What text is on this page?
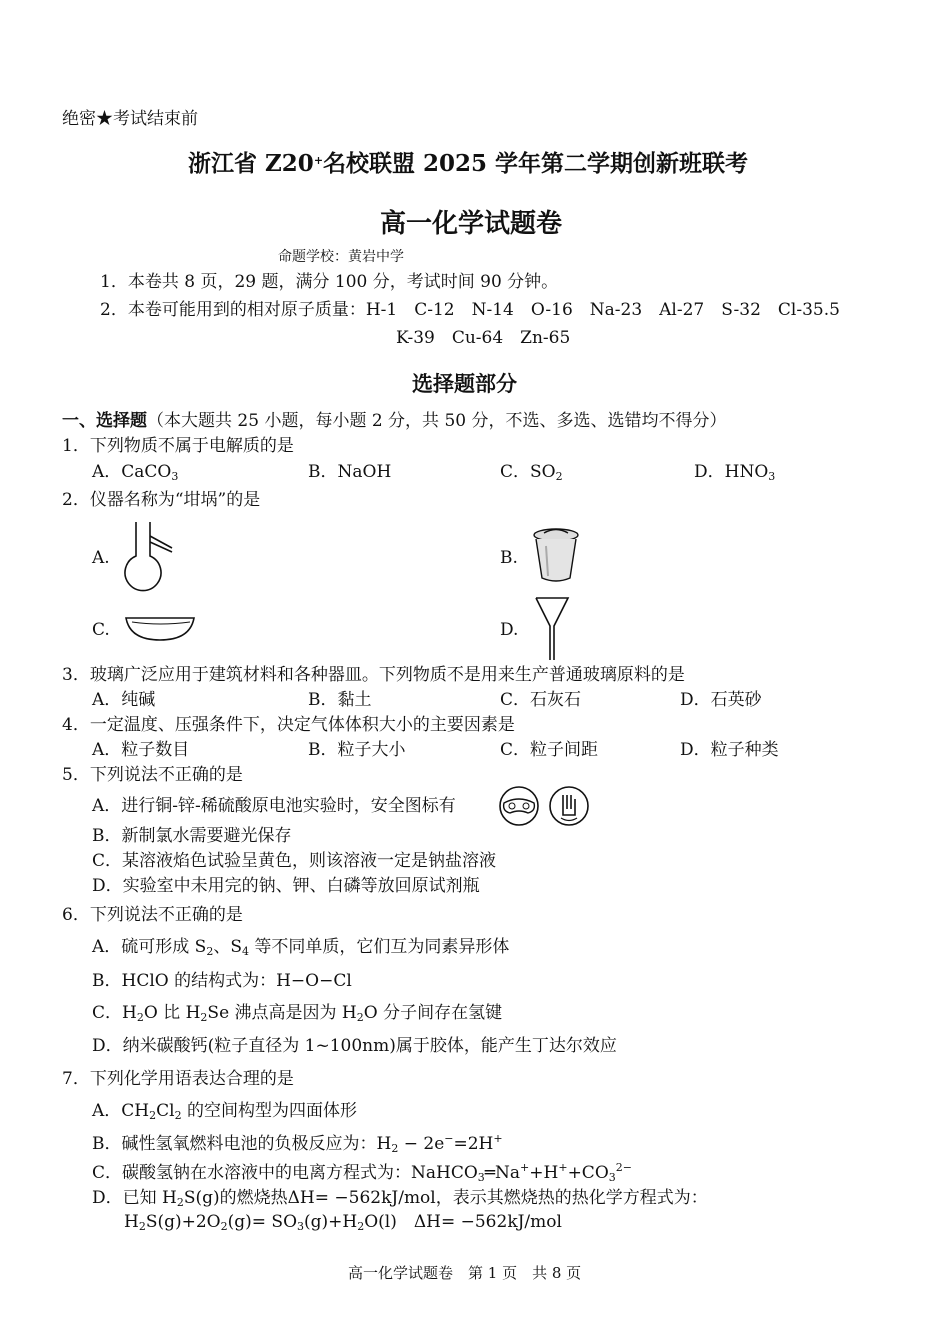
绝密★考试结束前
浙江省 Z20+名校联盟 2025 学年第二学期创新班联考
高一化学试题卷
命题学校：黄岩中学
1．本卷共 8 页，29 题，满分 100 分，考试时间 90 分钟。
2．本卷可能用到的相对原子质量：H-1　C-12　N-14　O-16　Na-23　Al-27　S-32　Cl-35.5
K-39　Cu-64　Zn-65
选择题部分
一、选择题（本大题共 25 小题，每小题 2 分，共 50 分，不选、多选、选错均不得分）
1．下列物质不属于电解质的是
A．CaCO$_3$	B．NaOH	C．$SO_2$	D．$HNO_3$
2．仪器名称为“坩埚”的是
A.	B.
C.	D.
3．玻璃广泛应用于建筑材料和各种器皿。下列物质不是用来生产普通玻璃原料的是
A．纯碱	B．黏土	C．石灰石	D．石英砂
4．一定温度、压强条件下，决定气体体积大小的主要因素是
A．粒子数目	B．粒子大小	C．粒子间距	D．粒子种类
5．下列说法不正确的是
A．进行铜-锌-稀硫酸原电池实验时，安全图标有
B．新制氯水需要避光保存
C．某溶液焰色试验呈黄色，则该溶液一定是钠盐溶液
D．实验室中未用完的钠、钾、白磷等放回原试剂瓶
6．下列说法不正确的是
A．硫可形成 $S_2$、$S_4$ 等不同单质，它们互为同素异形体
B．HClO 的结构式为：H−O−Cl
C．$H_2O$ 比 $H_2Se$ 沸点高是因为 $H_2O$ 分子间存在氢键
D．纳米碳酸钙(粒子直径为 1~100nm)属于胶体，能产生丁达尔效应
7．下列化学用语表达合理的是
A．$CH_2Cl_2$ 的空间构型为四面体形
B．碱性氢氧燃料电池的负极反应为：$H_2 - 2e^-=2H^+$
C．碳酸氢钠在水溶液中的电离方程式为：$NaHCO_3═Na^++H^++CO_3^{2-}$
D．已知 $H_2S(g)$的燃烧热ΔH= −562kJ/mol，表示其燃烧热的热化学方程式为：
$H_2S(g)+2O_2(g)= SO_3(g)+H_2O(l)$　ΔH= −562kJ/mol
高一化学试题卷　第 1 页　共 8 页
